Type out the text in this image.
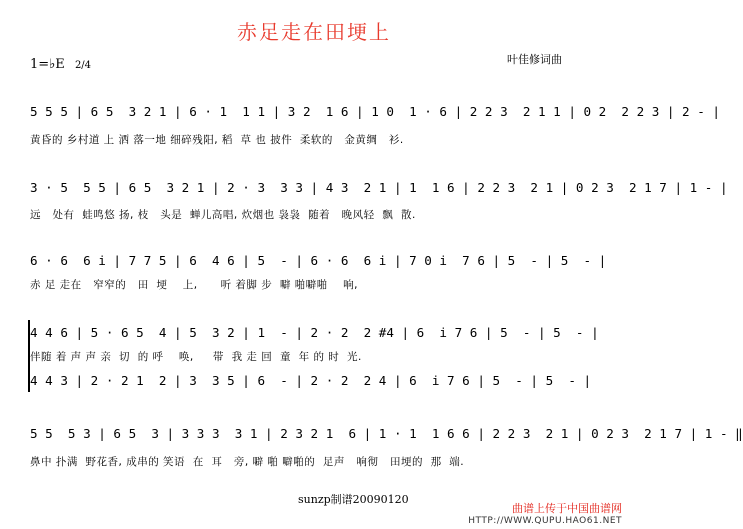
赤足走在田埂上
1=♭E 2/4	叶佳修词曲
5 5 5 | 6 5  3 2 1 | 6 · 1  1 1 | 3 2  1 6 | 1 0  1 · 6 | 2 2 3  2 1 1 | 0 2  2 2 3 | 2 - |
黄昏的 乡村道 上 洒 落一地 细碎残阳, 稻  草 也 披件  柔软的   金黄绸   衫.
3 · 5  5 5 | 6 5  3 2 1 | 2 · 3  3 3 | 4 3  2 1 | 1  1 6 | 2 2 3  2 1 | 0 2 3  2 1 7 | 1 - |
远   处有  蛙鸣悠 扬, 枝   头是  蝉儿高唱, 炊烟也 袅袅  随着   晚风轻  飘  散.
6 · 6  6 i | 7 7 5 | 6  4 6 | 5  - | 6 · 6  6 i | 7 0 i  7 6 | 5  - | 5  - |
赤 足 走在   窄窄的   田  埂    上,      听 着脚 步  噼 啪噼啪    响,
4 4 6 | 5 · 6 5  4 | 5  3 2 | 1  - | 2 · 2  2 #4 | 6  i 7 6 | 5  - | 5  - |
伴随 着 声 声 亲  切  的 呼    唤,     带  我 走 回  童  年 的 时  光.
4 4 3 | 2 · 2 1  2 | 3  3 5 | 6  - | 2 · 2  2 4 | 6  i 7 6 | 5  - | 5  - |
5 5  5 3 | 6 5  3 | 3 3 3  3 1 | 2 3 2 1  6 | 1 · 1  1 6 6 | 2 2 3  2 1 | 0 2 3  2 1 7 | 1 - ‖
鼻中 扑满  野花香, 成串的 笑语  在  耳   旁, 噼 啪 噼啪的  足声   响彻   田埂的  那  端.
sunzp制谱20090120
曲谱上传于中国曲谱网
HTTP://WWW.QUPU.HAO61.NET
